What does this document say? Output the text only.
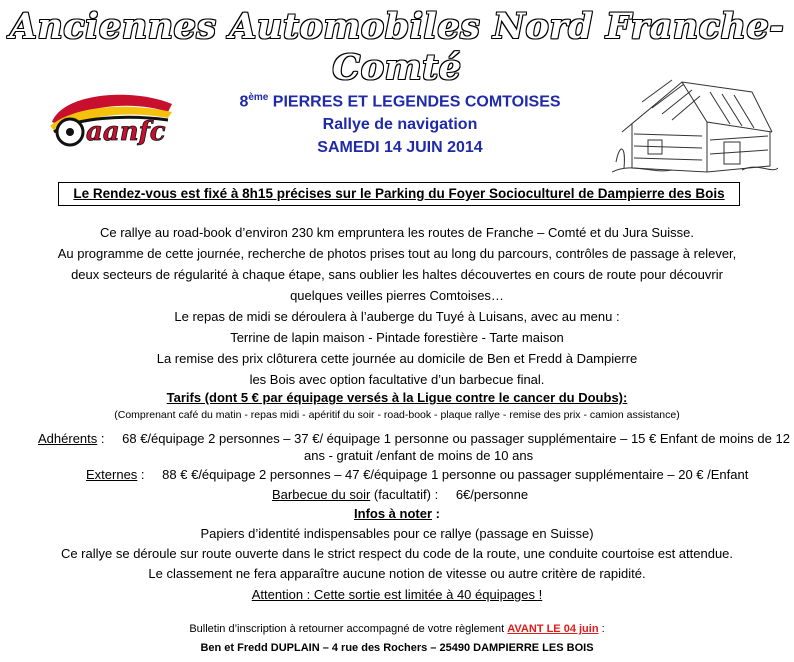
Anciennes Automobiles Nord Franche- Comté
aanfc
8ème PIERRES ET LEGENDES COMTOISES
Rallye de navigation
SAMEDI 14 JUIN 2014
Le Rendez-vous est fixé à 8h15 précises sur le Parking du Foyer Socioculturel de Dampierre des Bois
Ce rallye au road-book d’environ 230 km empruntera les routes de Franche – Comté et du Jura Suisse.
Au programme de cette journée, recherche de photos prises tout au long du parcours, contrôles de passage à relever,
deux secteurs de régularité à chaque étape, sans oublier les haltes découvertes en cours de route pour découvrir
quelques veilles pierres Comtoises…
Le repas de midi se déroulera à l’auberge du Tuyé à Luisans, avec au menu :
Terrine de lapin maison - Pintade forestière - Tarte maison
La remise des prix clôturera cette journée au domicile de Ben et Fredd à Dampierre
les Bois avec option facultative d’un barbecue final.
Tarifs (dont 5 € par équipage versés à la Ligue contre le cancer du Doubs):
(Comprenant café du matin - repas midi - apéritif du soir - road-book - plaque rallye - remise des prix - camion assistance)
Adhérents : 68 €/équipage 2 personnes – 37 €/ équipage 1 personne ou passager supplémentaire – 15 € Enfant de moins de 12
ans - gratuit /enfant de moins de 10 ans
Externes : 88 € €/équipage 2 personnes – 47 €/équipage 1 personne ou passager supplémentaire – 20 € /Enfant
Barbecue du soir (facultatif) : 6€/personne
Infos à noter :
Papiers d’identité indispensables pour ce rallye (passage en Suisse)
Ce rallye se déroule sur route ouverte dans le strict respect du code de la route, une conduite courtoise est attendue.
Le classement ne fera apparaître aucune notion de vitesse ou autre critère de rapidité.
Attention : Cette sortie est limitée à 40 équipages !
Bulletin d’inscription à retourner accompagné de votre règlement AVANT LE 04 juin :
Ben et Fredd DUPLAIN – 4 rue des Rochers – 25490 DAMPIERRE LES BOIS
